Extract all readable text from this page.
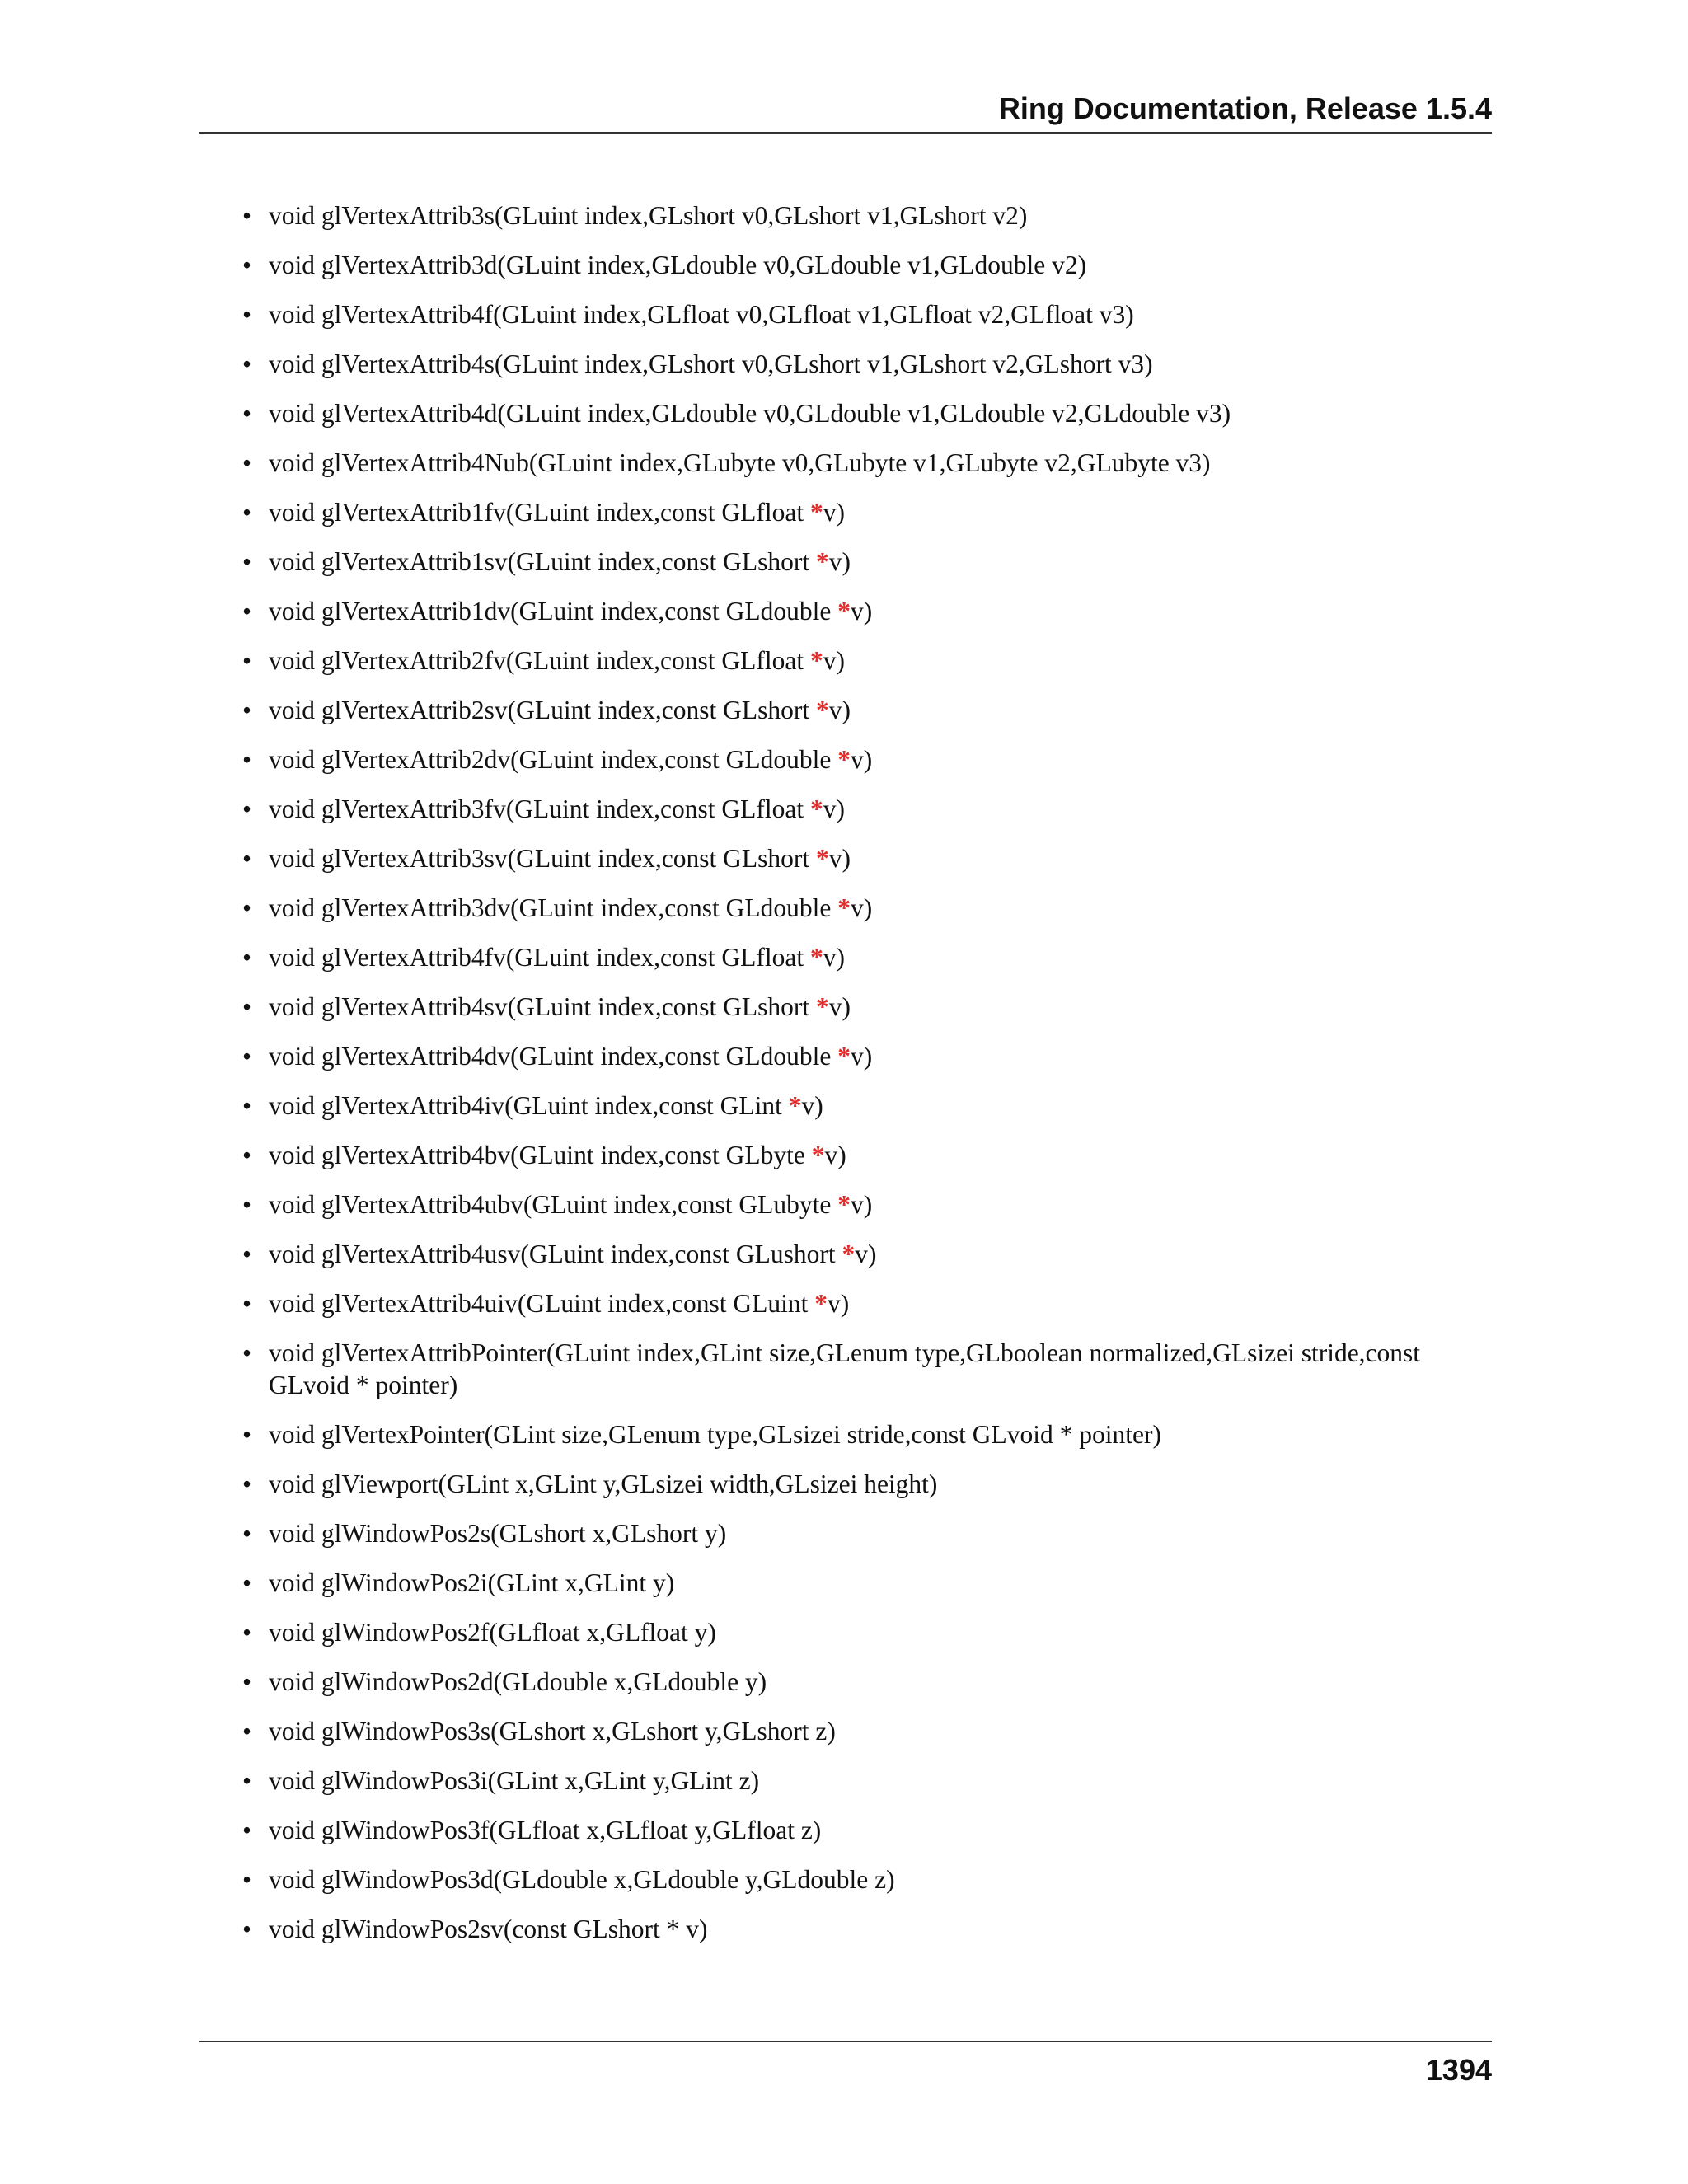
Ring Documentation, Release 1.5.4
• void glVertexAttrib3s(GLuint index,GLshort v0,GLshort v1,GLshort v2)
• void glVertexAttrib3d(GLuint index,GLdouble v0,GLdouble v1,GLdouble v2)
• void glVertexAttrib4f(GLuint index,GLfloat v0,GLfloat v1,GLfloat v2,GLfloat v3)
• void glVertexAttrib4s(GLuint index,GLshort v0,GLshort v1,GLshort v2,GLshort v3)
• void glVertexAttrib4d(GLuint index,GLdouble v0,GLdouble v1,GLdouble v2,GLdouble v3)
• void glVertexAttrib4Nub(GLuint index,GLubyte v0,GLubyte v1,GLubyte v2,GLubyte v3)
• void glVertexAttrib1fv(GLuint index,const GLfloat *v)
• void glVertexAttrib1sv(GLuint index,const GLshort *v)
• void glVertexAttrib1dv(GLuint index,const GLdouble *v)
• void glVertexAttrib2fv(GLuint index,const GLfloat *v)
• void glVertexAttrib2sv(GLuint index,const GLshort *v)
• void glVertexAttrib2dv(GLuint index,const GLdouble *v)
• void glVertexAttrib3fv(GLuint index,const GLfloat *v)
• void glVertexAttrib3sv(GLuint index,const GLshort *v)
• void glVertexAttrib3dv(GLuint index,const GLdouble *v)
• void glVertexAttrib4fv(GLuint index,const GLfloat *v)
• void glVertexAttrib4sv(GLuint index,const GLshort *v)
• void glVertexAttrib4dv(GLuint index,const GLdouble *v)
• void glVertexAttrib4iv(GLuint index,const GLint *v)
• void glVertexAttrib4bv(GLuint index,const GLbyte *v)
• void glVertexAttrib4ubv(GLuint index,const GLubyte *v)
• void glVertexAttrib4usv(GLuint index,const GLushort *v)
• void glVertexAttrib4uiv(GLuint index,const GLuint *v)
• void glVertexAttribPointer(GLuint index,GLint size,GLenum type,GLboolean normalized,GLsizei stride,const GLvoid * pointer)
• void glVertexPointer(GLint size,GLenum type,GLsizei stride,const GLvoid * pointer)
• void glViewport(GLint x,GLint y,GLsizei width,GLsizei height)
• void glWindowPos2s(GLshort x,GLshort y)
• void glWindowPos2i(GLint x,GLint y)
• void glWindowPos2f(GLfloat x,GLfloat y)
• void glWindowPos2d(GLdouble x,GLdouble y)
• void glWindowPos3s(GLshort x,GLshort y,GLshort z)
• void glWindowPos3i(GLint x,GLint y,GLint z)
• void glWindowPos3f(GLfloat x,GLfloat y,GLfloat z)
• void glWindowPos3d(GLdouble x,GLdouble y,GLdouble z)
• void glWindowPos2sv(const GLshort * v)
1394
